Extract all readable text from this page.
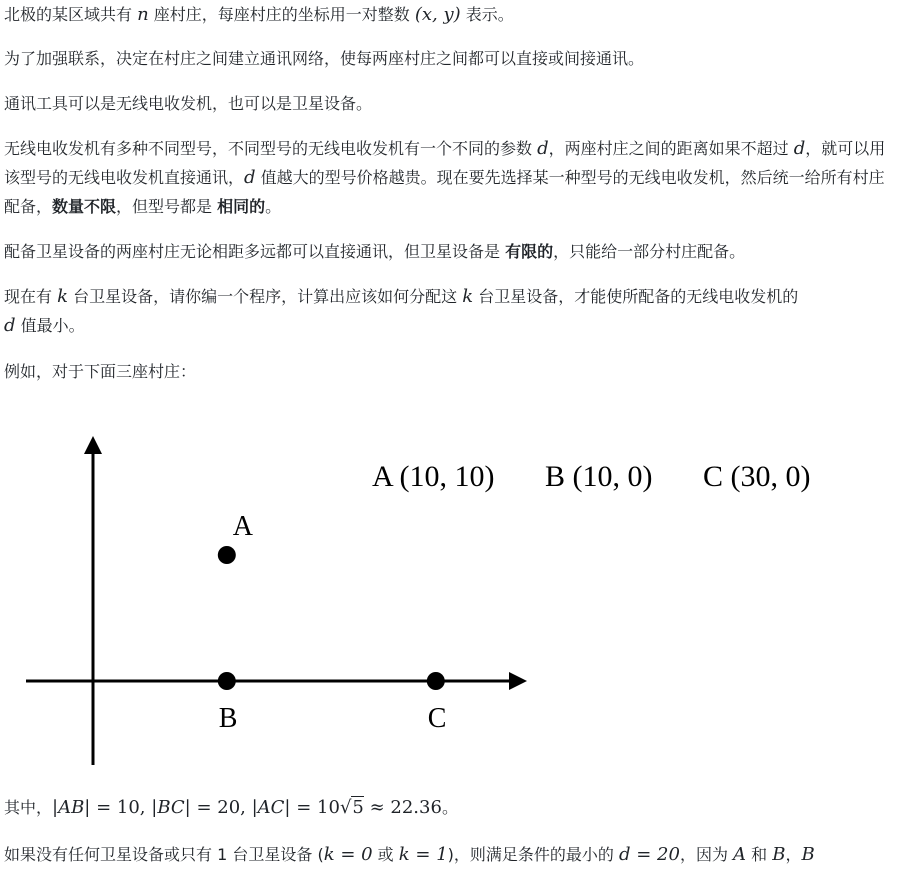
北极的某区域共有 n 座村庄，每座村庄的坐标用一对整数 (x, y) 表示。

为了加强联系，决定在村庄之间建立通讯网络，使每两座村庄之间都可以直接或间接通讯。

通讯工具可以是无线电收发机，也可以是卫星设备。

无线电收发机有多种不同型号，不同型号的无线电收发机有一个不同的参数 d，两座村庄之间的距离如果不超过 d，就可以用该型号的无线电收发机直接通讯，d 值越大的型号价格越贵。现在要先选择某一种型号的无线电收发机，然后统一给所有村庄配备，数量不限，但型号都是 相同的。

配备卫星设备的两座村庄无论相距多远都可以直接通讯，但卫星设备是 有限的，只能给一部分村庄配备。

现在有 k 台卫星设备，请你编一个程序，计算出应该如何分配这 k 台卫星设备，才能使所配备的无线电收发机的
d 值最小。

例如，对于下面三座村庄：

其中，|AB| = 10, |BC| = 20, |AC| = 10√5 ≈ 22.36。

如果没有任何卫星设备或只有 1 台卫星设备 (k = 0 或 k = 1)，则满足条件的最小的 d = 20，因为 A 和 B，B

A
B	C
A (10, 10) B (10, 0) C (30, 0)
